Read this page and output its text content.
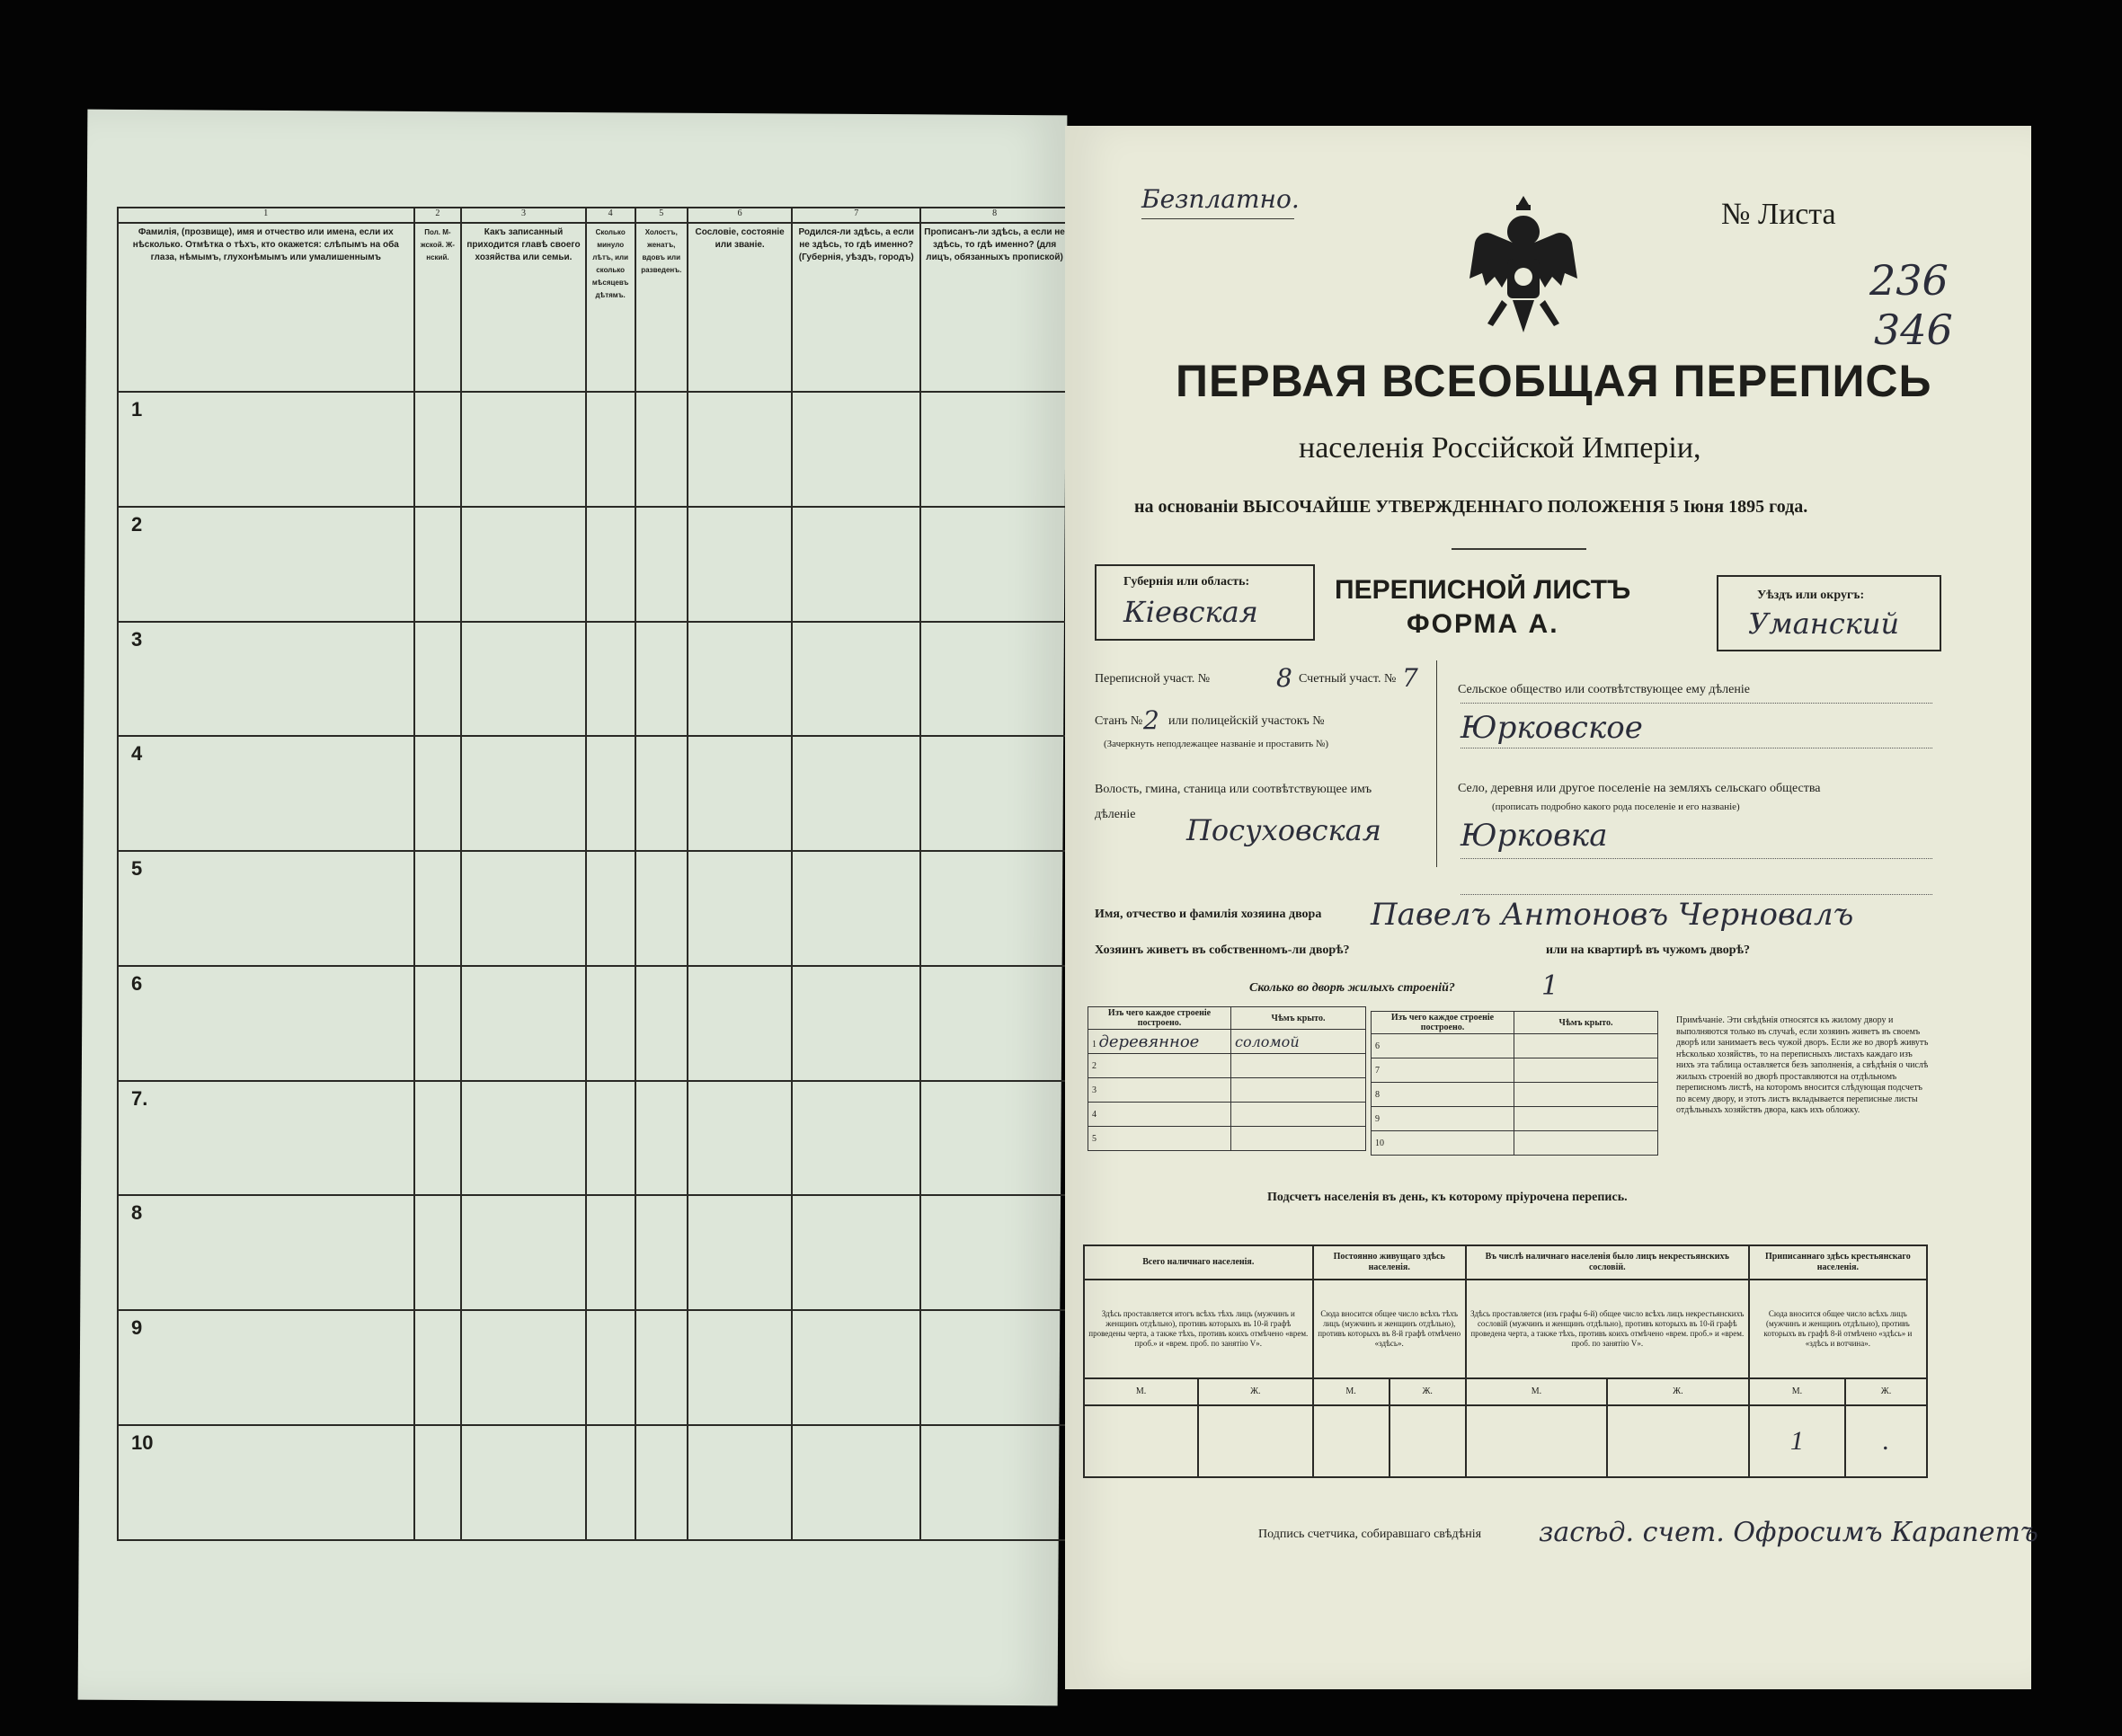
1	2	3	4	5	6	7	8
Фамилія, (прозвище), имя и отчество или имена, если их нѣсколько. Отмѣтка о тѣхъ, кто окажется: слѣпымъ на оба глаза, нѣмымъ, глухонѣмымъ или умалишеннымъ	Пол. М-жской. Ж-нский.	Какъ записанный приходится главѣ своего хозяйства или семьи.	Сколько минуло лѣтъ, или сколько мѣсяцевъ дѣтямъ.	Холостъ, женатъ, вдовъ или разведенъ.	Сословіе, состояніе или званіе.	Родился-ли здѣсь, а если не здѣсь, то гдѣ именно? (Губернія, уѣздъ, городъ)	Прописанъ-ли здѣсь, а если не здѣсь, то гдѣ именно? (для лицъ, обязанныхъ пропиской)
1							
2							
3							
4							
5							
6							
7.							
8							
9							
10							
Безплатно.	№ Листа
236
346
ПЕРВАЯ ВСЕОБЩАЯ ПЕРЕПИСЬ
населенія Россійской Имперіи,
на основаніи ВЫСОЧАЙШЕ УТВЕРЖДЕННАГО ПОЛОЖЕНІЯ 5 Іюня 1895 года.
Губернія или область:
Кіевская
ПЕРЕПИСНОЙ ЛИСТЪ
ФОРМА А.
Уѣздъ или округъ:
Уманский
Переписной участ. №	8 Счетный участ. № 7
Станъ № 2 или полицейскій участокъ №
(Зачеркнуть неподлежащее названіе и проставить №)
Волость, гмина, станица или соотвѣтствующее имъ дѣленіе	Посуховская
Сельское общество или соотвѣтствующее ему дѣленіе
Юрковское
Село, деревня или другое поселеніе на земляхъ сельскаго общества
(прописать подробно какого рода поселеніе и его названіе)
Юрковка
Имя, отчество и фамилія хозяина двора Павелъ Антоновъ Черновалъ
Хозяинъ живетъ въ собственномъ-ли дворѣ?	или на квартирѣ въ чужомъ дворѣ?
Сколько во дворѣ жилыхъ строеній?	1
Изъ чего каждое строеніе построено.	Чѣмъ крыто.
1 деревянное	соломой
2	
3	
4	
5	
Изъ чего каждое строеніе построено.	Чѣмъ крыто.
6	
7	
8	
9	
10	
Примѣчаніе. Эти свѣдѣнія относятся къ жилому двору и выполняются только въ случаѣ, если хозяинъ живетъ въ своемъ дворѣ или занимаетъ весь чужой дворъ. Если же во дворѣ живутъ нѣсколько хозяйствъ, то на переписныхъ листахъ каждаго изъ нихъ эта таблица оставляется безъ заполненія, а свѣдѣнія о числѣ жилыхъ строеній во дворѣ проставляются на отдѣльномъ переписномъ листѣ, на которомъ вносится слѣдующая подсчетъ по всему двору, и этотъ листъ вкладывается переписные листы отдѣльныхъ хозяйствъ двора, какъ ихъ обложку.
Подсчетъ населенія въ день, къ которому пріурочена перепись.
Всего наличнаго населенія.		Постоянно живущаго здѣсь населенія.		Въ числѣ наличнаго населенія было лицъ некрестьянскихъ сословій.		Приписаннаго здѣсь крестьянскаго населенія.	
Здѣсь проставляется итогъ всѣхъ тѣхъ лицъ (мужчинъ и женщинъ отдѣльно), противъ которыхъ въ 10-й графѣ проведены черта, а также тѣхъ, противъ коихъ отмѣчено «врем. проб.» и «врем. проб. по занятію V».		Сюда вносится общее число всѣхъ тѣхъ лицъ (мужчинъ и женщинъ отдѣльно), противъ которыхъ въ 8-й графѣ отмѣчено «здѣсь».		Здѣсь проставляется (изъ графы 6-й) общее число всѣхъ лицъ некрестьянскихъ сословій (мужчинъ и женщинъ отдѣльно), противъ которыхъ въ 10-й графѣ проведена черта, а также тѣхъ, противъ коихъ отмѣчено «врем. проб.» и «врем. проб. по занятію V».		Сюда вносится общее число всѣхъ лицъ (мужчинъ и женщинъ отдѣльно), противъ которыхъ въ графѣ 8-й отмѣчено «здѣсь» и «здѣсь и вотчина».	
М.	Ж.	М.	Ж.	М.	Ж.	М.	Ж.
						1	.
Подпись счетчика, собиравшаго свѣдѣнія засѣд. счет. Офросимъ Карапетъ
